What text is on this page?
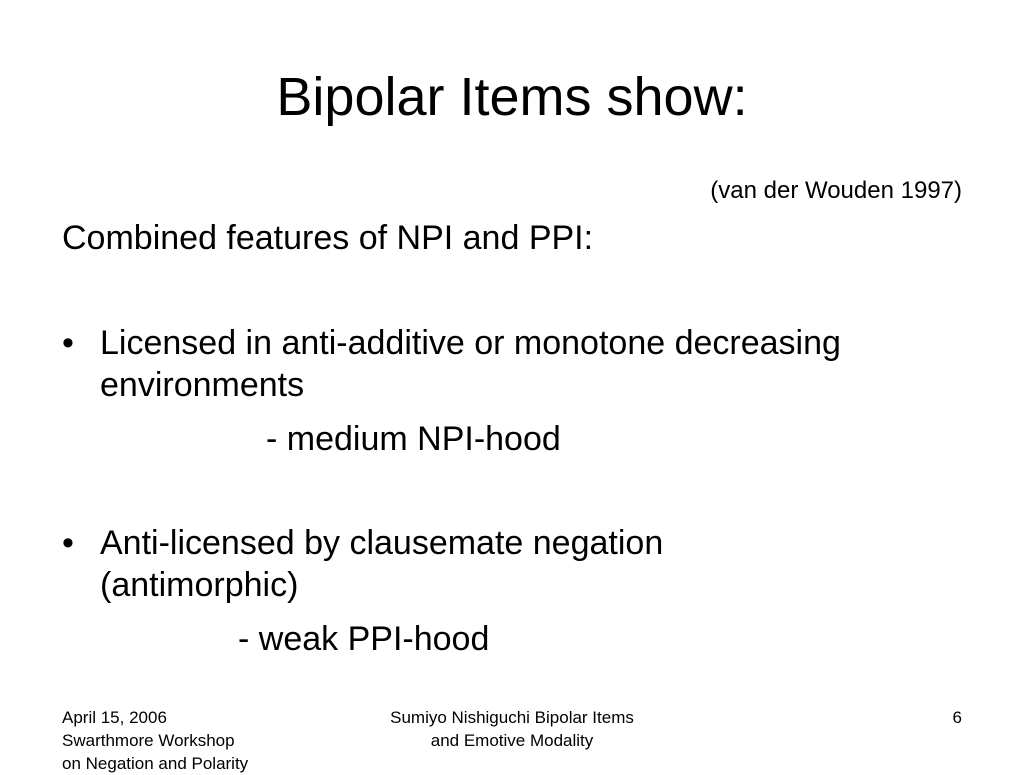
Bipolar Items show:
(van der Wouden 1997)
Combined features of NPI and PPI:
• Licensed in anti-additive or monotone decreasing environments
- medium NPI-hood
• Anti-licensed by clausemate negation (antimorphic)
- weak PPI-hood
April 15, 2006
Swarthmore Workshop
on Negation and Polarity
Sumiyo Nishiguchi Bipolar Items
and Emotive Modality
6
